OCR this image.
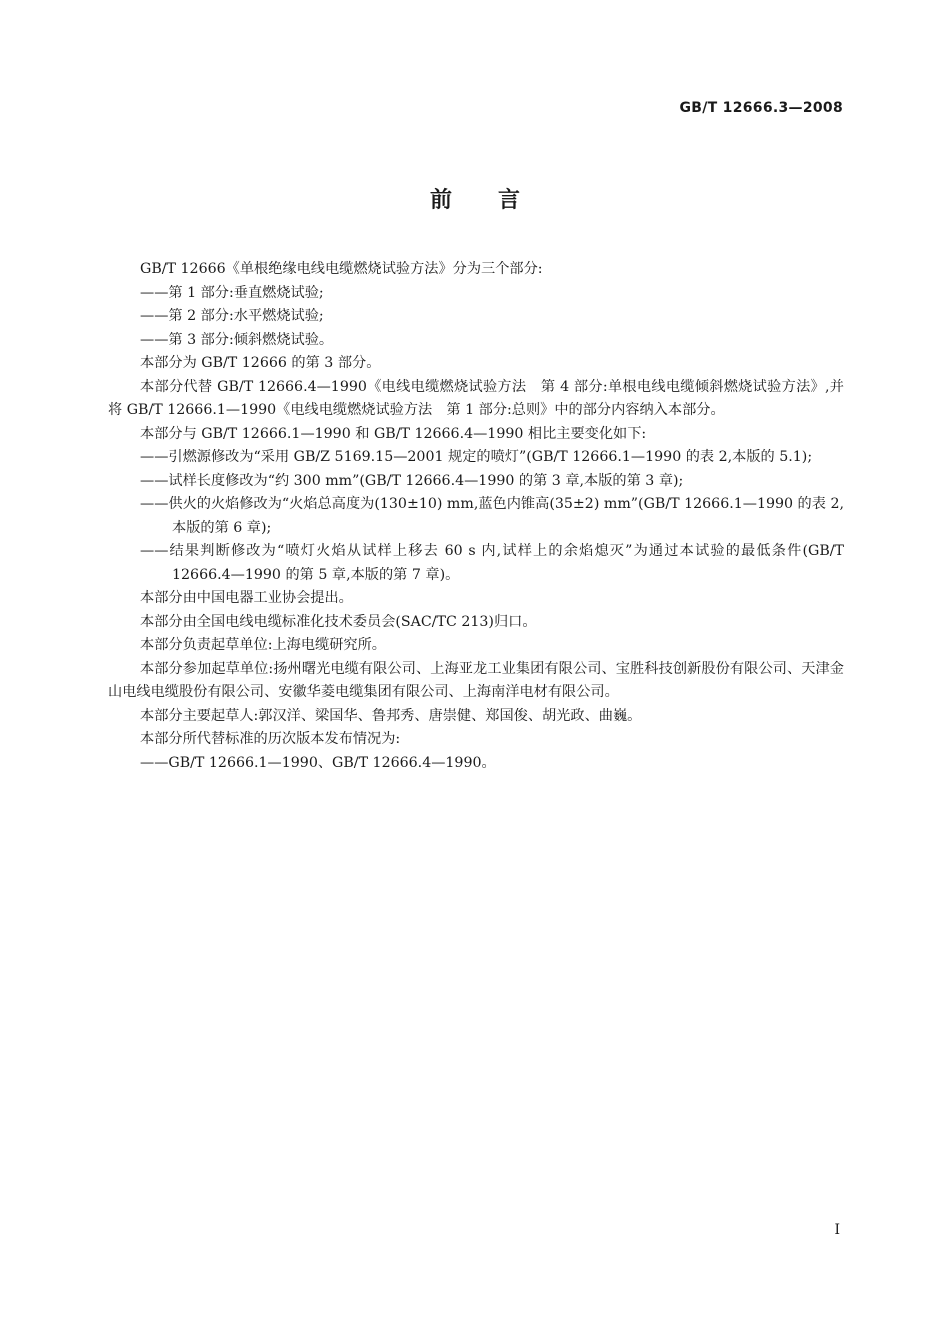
GB/T 12666.3—2008
前言

GB/T 12666《单根绝缘电线电缆燃烧试验方法》分为三个部分:

——第 1 部分:垂直燃烧试验;

——第 2 部分:水平燃烧试验;

——第 3 部分:倾斜燃烧试验。

本部分为 GB/T 12666 的第 3 部分。

本部分代替 GB/T 12666.4—1990《电线电缆燃烧试验方法　第 4 部分:单根电线电缆倾斜燃烧试验方法》,并将 GB/T 12666.1—1990《电线电缆燃烧试验方法　第 1 部分:总则》中的部分内容纳入本部分。

本部分与 GB/T 12666.1—1990 和 GB/T 12666.4—1990 相比主要变化如下:

——引燃源修改为“采用 GB/Z 5169.15—2001 规定的喷灯”(GB/T 12666.1—1990 的表 2,本版的 5.1);

——试样长度修改为“约 300 mm”(GB/T 12666.4—1990 的第 3 章,本版的第 3 章);

——供火的火焰修改为“火焰总高度为(130±10) mm,蓝色内锥高(35±2) mm”(GB/T 12666.1—1990 的表 2,本版的第 6 章);

——结果判断修改为“喷灯火焰从试样上移去 60 s 内,试样上的余焰熄灭”为通过本试验的最低条件(GB/T 12666.4—1990 的第 5 章,本版的第 7 章)。

本部分由中国电器工业协会提出。

本部分由全国电线电缆标准化技术委员会(SAC/TC 213)归口。

本部分负责起草单位:上海电缆研究所。

本部分参加起草单位:扬州曙光电缆有限公司、上海亚龙工业集团有限公司、宝胜科技创新股份有限公司、天津金山电线电缆股份有限公司、安徽华菱电缆集团有限公司、上海南洋电材有限公司。

本部分主要起草人:郭汉洋、梁国华、鲁邦秀、唐崇健、郑国俊、胡光政、曲巍。

本部分所代替标准的历次版本发布情况为:

——GB/T 12666.1—1990、GB/T 12666.4—1990。

I
